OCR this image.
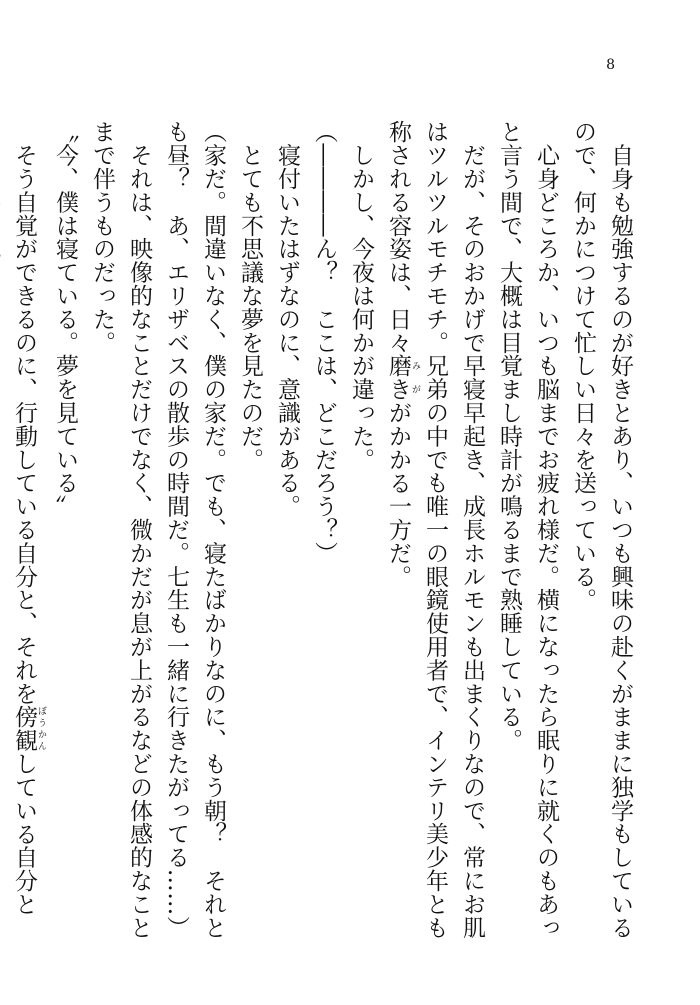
8

　自身も勉強するのが好きとあり、いつも興味の赴くがままに独学もしているので、何かにつけて忙しい日々を送っている。

　心身どころか、いつも脳までお疲れ様だ。横になったら眠りに就くのもあっと言う間で、大概は目覚まし時計が鳴るまで熟睡している。

　だが、そのおかげで早寝早起き、成長ホルモンも出まくりなので、常にお肌はツルツルモチモチ。兄弟の中でも唯一の眼鏡使用者で、インテリ美少年とも称される容姿は、日々磨き みががかかる一方だ。

　しかし、今夜は何かが違った。

（――――ん？　ここは、どこだろう？）

　寝付いたはずなのに、意識がある。

　とても不思議な夢を見たのだ。

（家だ。間違いなく、僕の家だ。でも、寝たばかりなのに、もう朝？　それとも昼？　あ、エリザベスの散歩の時間だ。七生も一緒に行きたがってる……）

　それは、映像的なことだけでなく、微かだが息が上がるなどの体感的なことまで伴うものだった。

〝今、僕は寝ている。夢を見ている〟

　そう自覚ができるのに、行動している自分と、それを傍観 ぼうかんしている自分と
